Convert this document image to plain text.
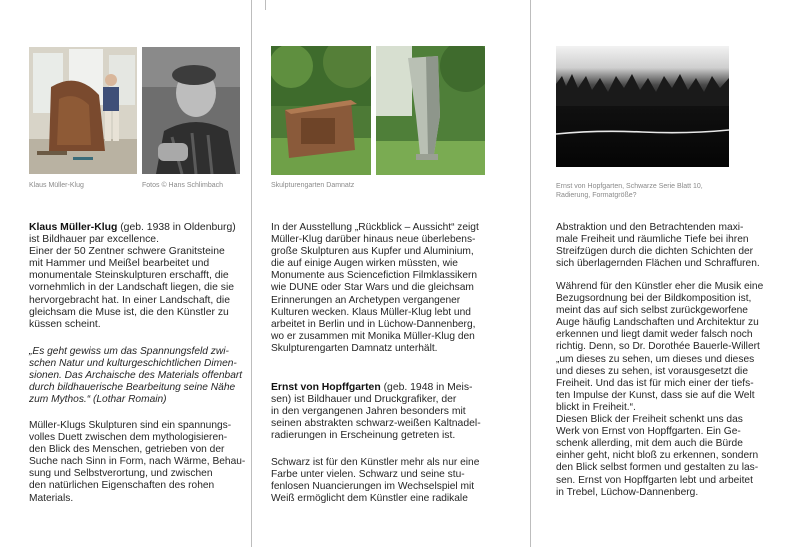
Klaus Müller-Klug	Fotos © Hans Schlimbach

Klaus Müller-Klug (geb. 1938 in Oldenburg)
ist Bildhauer par excellence.
Einer der 50 Zentner schwere Granitsteine
mit Hammer und Meißel bearbeitet und
monumentale Steinskulpturen erschafft, die
vornehmlich in der Landschaft liegen, die sie
hervorgebracht hat. In einer Landschaft, die
gleichsam die Muse ist, die den Künstler zu
küssen scheint.

„Es geht gewiss um das Spannungsfeld zwi-
schen Natur und kulturgeschichtlichen Dimen-
sionen. Das Archaische des Materials offenbart
durch bildhauerische Bearbeitung seine Nähe
zum Mythos.“ (Lothar Romain)

Müller-Klugs Skulpturen sind ein spannungs-
volles Duett zwischen dem mythologisieren-
den Blick des Menschen, getrieben von der
Suche nach Sinn in Form, nach Wärme, Behau-
sung und Selbstverortung, und zwischen
den natürlichen Eigenschaften des rohen
Materials.

Skulpturengarten Damnatz

In der Ausstellung „Rückblick – Aussicht“ zeigt
Müller-Klug darüber hinaus neue überlebens-
große Skulpturen aus Kupfer und Aluminium,
die auf einige Augen wirken müssten, wie
Monumente aus Sciencefiction Filmklassikern
wie DUNE oder Star Wars und die gleichsam
Erinnerungen an Archetypen vergangener
Kulturen wecken. Klaus Müller-Klug lebt und
arbeitet in Berlin und in Lüchow-Dannenberg,
wo er zusammen mit Monika Müller-Klug den
Skulpturengarten Damnatz unterhält.

Ernst von Hopffgarten (geb. 1948 in Meis-
sen) ist Bildhauer und Druckgrafiker, der
in den vergangenen Jahren besonders mit
seinen abstrakten schwarz-weißen Kaltnadel-
radierungen in Erscheinung getreten ist.

Schwarz ist für den Künstler mehr als nur eine
Farbe unter vielen. Schwarz und seine stu-
fenlosen Nuancierungen im Wechselspiel mit
Weiß ermöglicht dem Künstler eine radikale

Ernst von Hopfgarten, Schwarze Serie Blatt 10,
Radierung, Formatgröße?

Abstraktion und den Betrachtenden maxi-
male Freiheit und räumliche Tiefe bei ihren
Streifzügen durch die dichten Schichten der
sich überlagernden Flächen und Schraffuren.

Während für den Künstler eher die Musik eine
Bezugsordnung bei der Bildkomposition ist,
meint das auf sich selbst zurückgeworfene
Auge häufig Landschaften und Architektur zu
erkennen und liegt damit weder falsch noch
richtig. Denn, so Dr. Dorothée Bauerle-Willert
„um dieses zu sehen, um dieses und dieses
und dieses zu sehen, ist vorausgesetzt die
Freiheit. Und das ist für mich einer der tiefs-
ten Impulse der Kunst, dass sie auf die Welt
blickt in Freiheit.“.
Diesen Blick der Freiheit schenkt uns das
Werk von Ernst von Hopffgarten. Ein Ge-
schenk allerding, mit dem auch die Bürde
einher geht, nicht bloß zu erkennen, sondern
den Blick selbst formen und gestalten zu las-
sen. Ernst von Hopffgarten lebt und arbeitet
in Trebel, Lüchow-Dannenberg.
